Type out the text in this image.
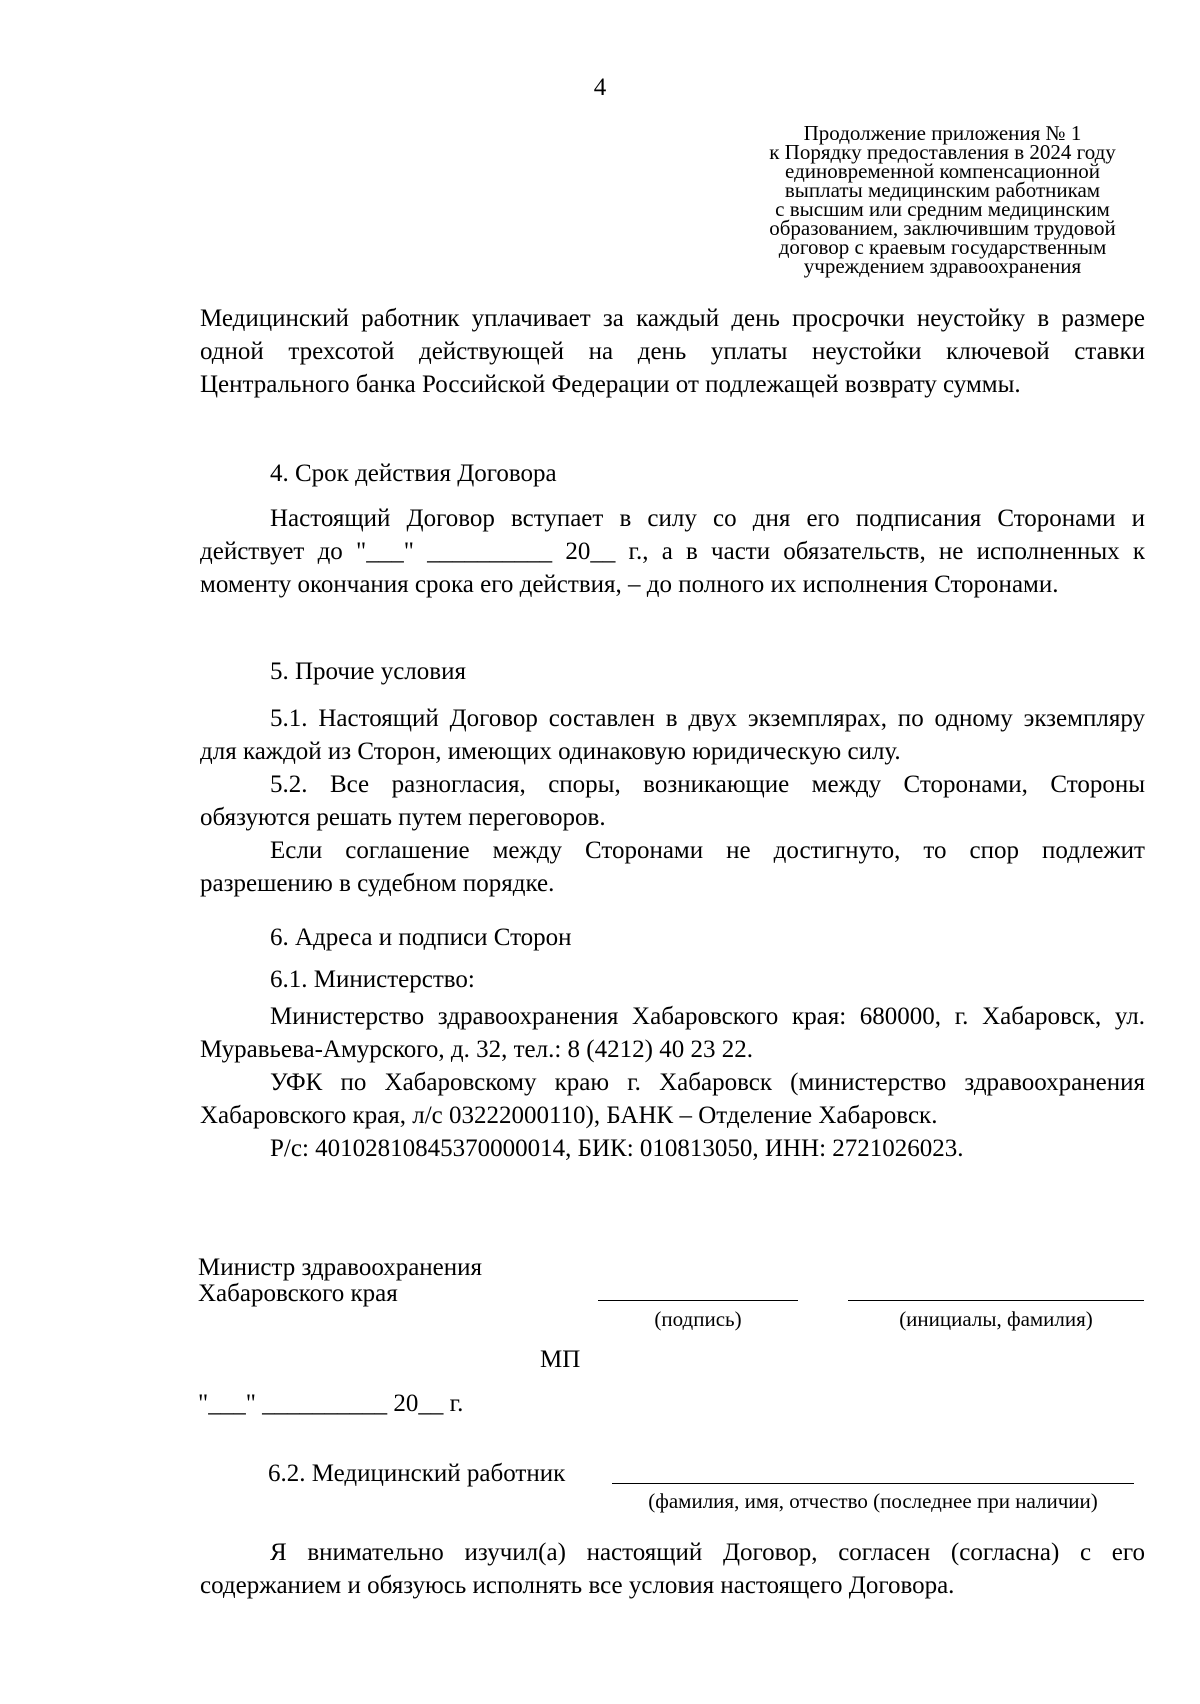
4
Продолжение приложения № 1
к Порядку предоставления в 2024 году
единовременной компенсационной
выплаты медицинским работникам
с высшим или средним медицинским
образованием, заключившим трудовой
договор с краевым государственным
учреждением здравоохранения

Медицинский работник уплачивает за каждый день просрочки неустойку в размере одной трехсотой действующей на день уплаты неустойки ключевой ставки Центрального банка Российской Федерации от подлежащей возврату суммы.

4. Срок действия Договора

Настоящий Договор вступает в силу со дня его подписания Сторонами и действует до "___" __________ 20__ г., а в части обязательств, не исполненных к моменту окончания срока его действия, – до полного их исполнения Сторонами.

5. Прочие условия

5.1. Настоящий Договор составлен в двух экземплярах, по одному экземпляру для каждой из Сторон, имеющих одинаковую юридическую силу.

5.2. Все разногласия, споры, возникающие между Сторонами, Стороны обязуются решать путем переговоров.

Если соглашение между Сторонами не достигнуто, то спор подлежит разрешению в судебном порядке.

6. Адреса и подписи Сторон
6.1. Министерство:

Министерство здравоохранения Хабаровского края: 680000, г. Хабаровск, ул. Муравьева-Амурского, д. 32, тел.: 8 (4212) 40 23 22.

УФК по Хабаровскому краю г. Хабаровск (министерство здравоохранения Хабаровского края, л/с 03222000110), БАНК – Отделение Хабаровск.

Р/с: 40102810845370000014, БИК: 010813050, ИНН: 2721026023.

Министр здравоохранения
Хабаровского края
(подпись)	(инициалы, фамилия)
МП
"___" __________ 20__ г.
6.2. Медицинский работник
(фамилия, имя, отчество (последнее при наличии)

Я внимательно изучил(а) настоящий Договор, согласен (согласна) с его содержанием и обязуюсь исполнять все условия настоящего Договора.
